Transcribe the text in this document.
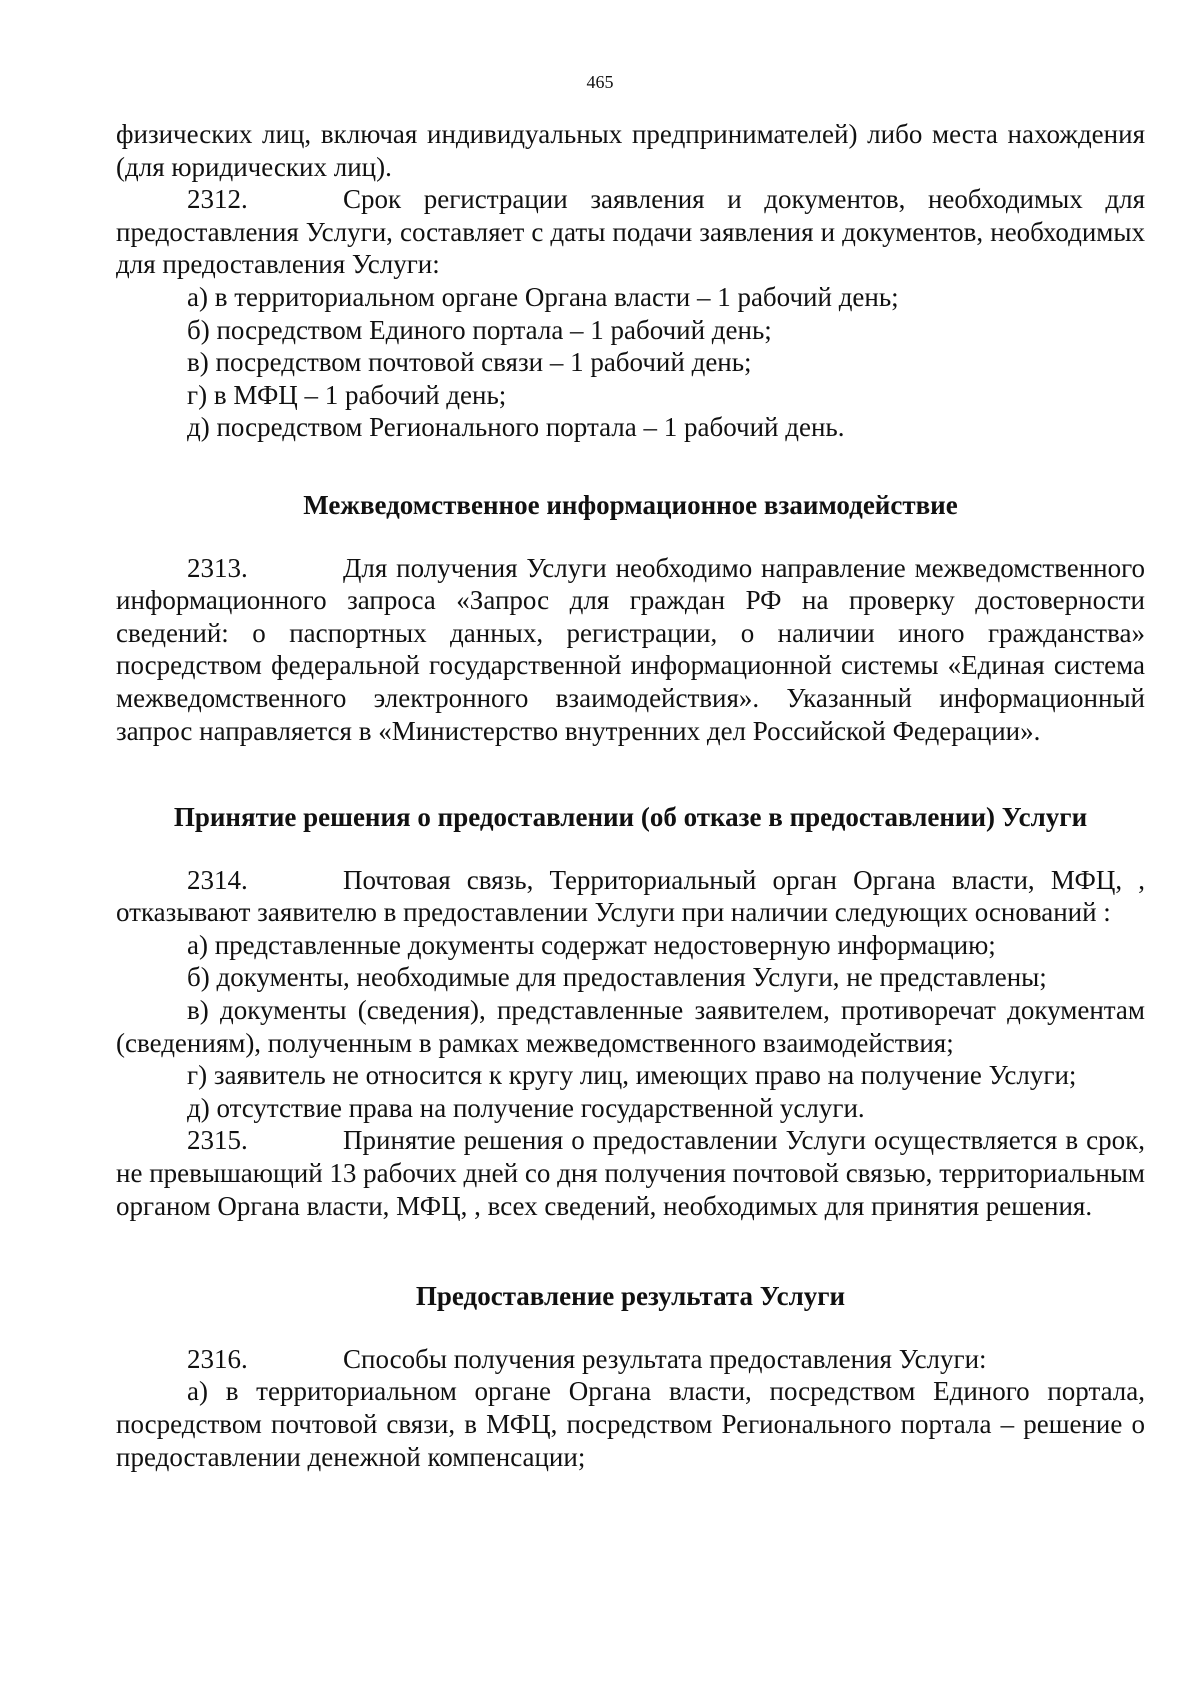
465

физических лиц, включая индивидуальных предпринимателей) либо места нахождения (для юридических лиц).

2312.	Срок регистрации заявления и документов, необходимых для предоставления Услуги, составляет с даты подачи заявления и документов, необходимых для предоставления Услуги:

а) в территориальном органе Органа власти – 1 рабочий день;

б) посредством Единого портала – 1 рабочий день;

в) посредством почтовой связи – 1 рабочий день;

г) в МФЦ – 1 рабочий день;

д) посредством Регионального портала – 1 рабочий день.

Межведомственное информационное взаимодействие

2313.	Для получения Услуги необходимо направление межведомственного информационного запроса «Запрос для граждан РФ на проверку достоверности сведений: о паспортных данных, регистрации, о наличии иного гражданства» посредством федеральной государственной информационной системы «Единая система межведомственного электронного взаимодействия». Указанный информационный запрос направляется в «Министерство внутренних дел Российской Федерации».

Принятие решения о предоставлении (об отказе в предоставлении) Услуги

2314.	Почтовая связь, Территориальный орган Органа власти, МФЦ, , отказывают заявителю в предоставлении Услуги при наличии следующих оснований :

а) представленные документы содержат недостоверную информацию;

б) документы, необходимые для предоставления Услуги, не представлены;

в) документы (сведения), представленные заявителем, противоречат документам (сведениям), полученным в рамках межведомственного взаимодействия;

г) заявитель не относится к кругу лиц, имеющих право на получение Услуги;

д) отсутствие права на получение государственной услуги.

2315.	Принятие решения о предоставлении Услуги осуществляется в срок, не превышающий 13 рабочих дней со дня получения почтовой связью, территориальным органом Органа власти, МФЦ, , всех сведений, необходимых для принятия решения.

Предоставление результата Услуги

2316.	Способы получения результата предоставления Услуги:

а) в территориальном органе Органа власти, посредством Единого портала, посредством почтовой связи, в МФЦ, посредством Регионального портала – решение о предоставлении денежной компенсации;
